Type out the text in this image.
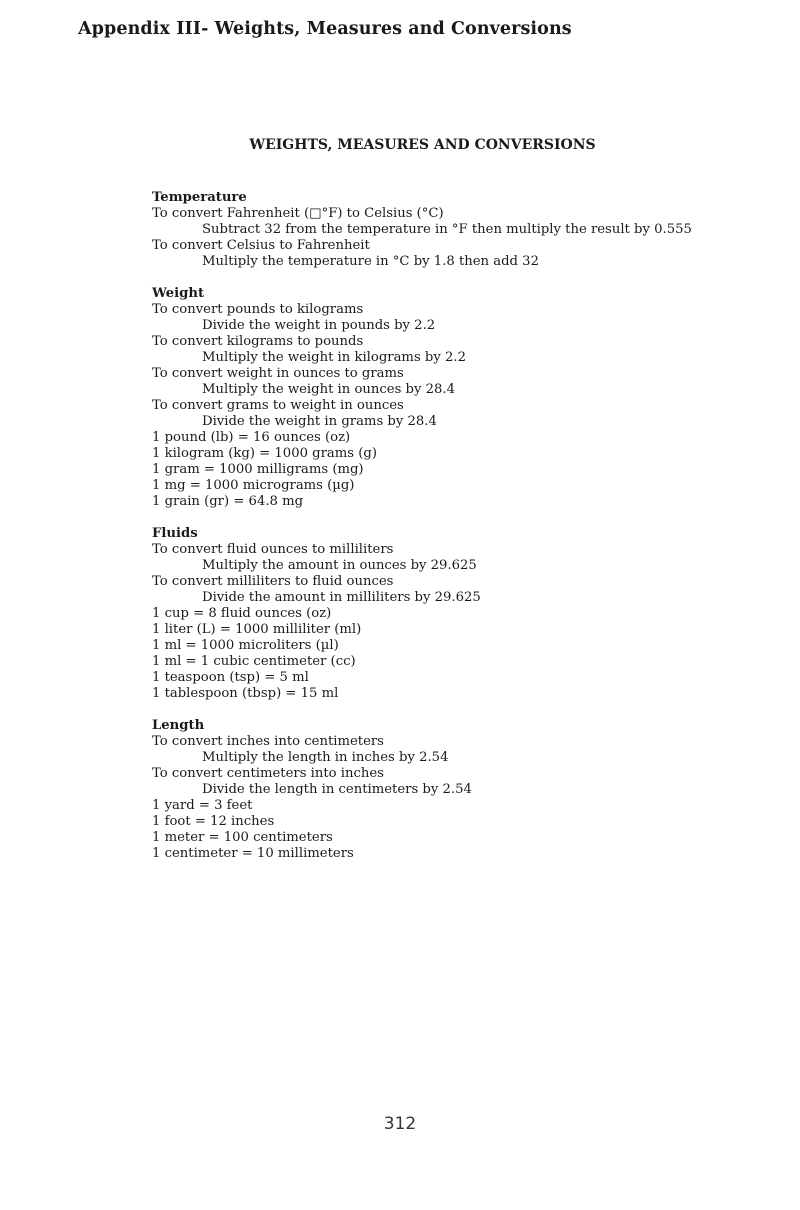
Appendix III- Weights, Measures and Conversions
WEIGHTS, MEASURES AND CONVERSIONS
Temperature
To convert Fahrenheit (□°F) to Celsius (°C)
Subtract 32 from the temperature in °F then multiply the result by 0.555
To convert Celsius to Fahrenheit
Multiply the temperature in °C by 1.8 then add 32
Weight
To convert pounds to kilograms
Divide the weight in pounds by 2.2
To convert kilograms to pounds
Multiply the weight in kilograms by 2.2
To convert weight in ounces to grams
Multiply the weight in ounces by 28.4
To convert grams to weight in ounces
Divide the weight in grams by 28.4
1 pound (lb) = 16 ounces (oz)
1 kilogram (kg) = 1000 grams (g)
1 gram = 1000 milligrams (mg)
1 mg = 1000 micrograms (µg)
1 grain (gr) = 64.8 mg
Fluids
To convert fluid ounces to milliliters
Multiply the amount in ounces by 29.625
To convert milliliters to fluid ounces
Divide the amount in milliliters by 29.625
1 cup = 8 fluid ounces (oz)
1 liter (L) = 1000 milliliter (ml)
1 ml = 1000 microliters (µl)
1 ml = 1 cubic centimeter (cc)
1 teaspoon (tsp) = 5 ml
1 tablespoon (tbsp) = 15 ml
Length
To convert inches into centimeters
Multiply the length in inches by 2.54
To convert centimeters into inches
Divide the length in centimeters by 2.54
1 yard = 3 feet
1 foot = 12 inches
1 meter = 100 centimeters
1 centimeter = 10 millimeters
312
